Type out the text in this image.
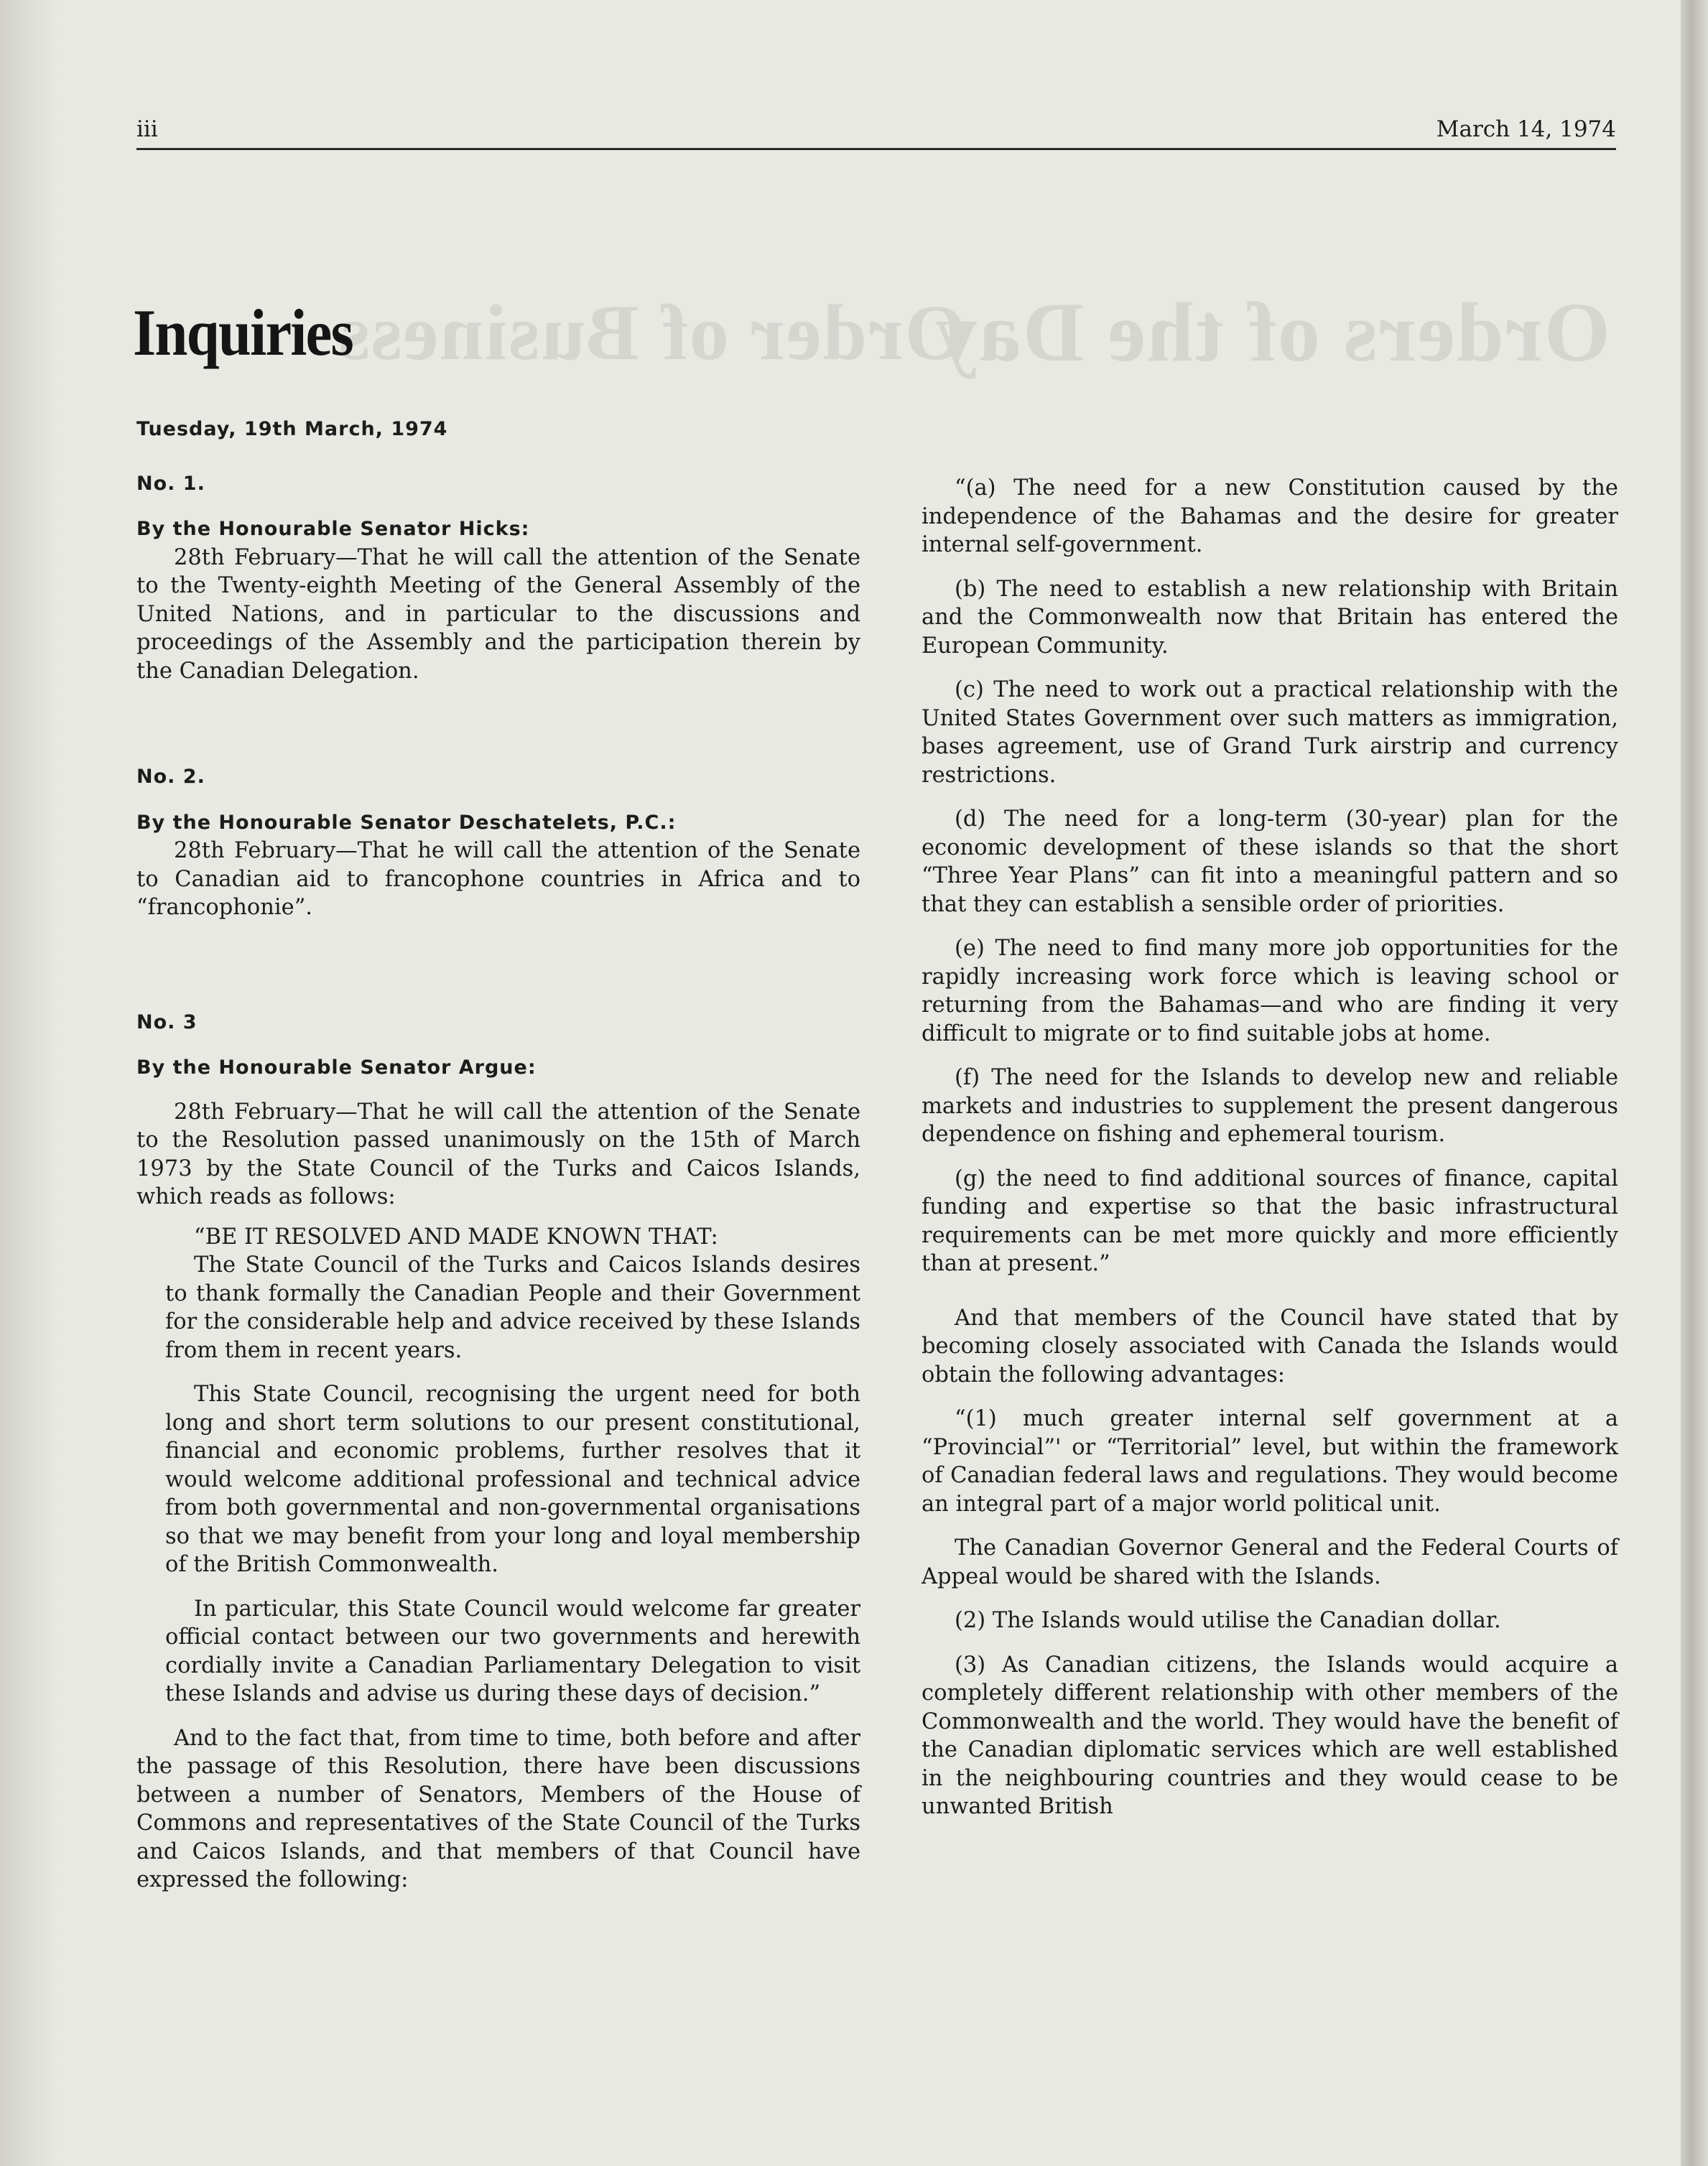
Order of Business
Orders of the Day
iii	March 14, 1974
Inquiries

Tuesday, 19th March, 1974

No. 1.

By the Honourable Senator Hicks:

28th February—That he will call the attention of the Senate to the Twenty-eighth Meeting of the General Assembly of the United Nations, and in particular to the discussions and proceedings of the Assembly and the participation therein by the Canadian Delegation.

No. 2.

By the Honourable Senator Deschatelets, P.C.:

28th February—That he will call the attention of the Senate to Canadian aid to francophone countries in Africa and to “francophonie”.

No. 3

By the Honourable Senator Argue:

28th February—That he will call the attention of the Senate to the Resolution passed unanimously on the 15th of March 1973 by the State Council of the Turks and Caicos Islands, which reads as follows:

“BE IT RESOLVED AND MADE KNOWN THAT:

The State Council of the Turks and Caicos Islands desires to thank formally the Canadian People and their Government for the considerable help and advice received by these Islands from them in recent years.

This State Council, recognising the urgent need for both long and short term solutions to our present constitutional, financial and economic problems, further resolves that it would welcome additional professional and technical advice from both governmental and non-governmental organisations so that we may benefit from your long and loyal membership of the British Commonwealth.

In particular, this State Council would welcome far greater official contact between our two governments and herewith cordially invite a Canadian Parliamentary Delegation to visit these Islands and advise us during these days of decision.”

And to the fact that, from time to time, both before and after the passage of this Resolution, there have been discussions between a number of Senators, Members of the House of Commons and representatives of the State Council of the Turks and Caicos Islands, and that members of that Council have expressed the following:

“(a) The need for a new Constitution caused by the independence of the Bahamas and the desire for greater internal self-government.

(b) The need to establish a new relationship with Britain and the Commonwealth now that Britain has entered the European Community.

(c) The need to work out a practical relationship with the United States Government over such matters as immigration, bases agreement, use of Grand Turk airstrip and currency restrictions.

(d) The need for a long-term (30-year) plan for the economic development of these islands so that the short “Three Year Plans” can fit into a meaningful pattern and so that they can establish a sensible order of priorities.

(e) The need to find many more job opportunities for the rapidly increasing work force which is leaving school or returning from the Bahamas—and who are finding it very difficult to migrate or to find suitable jobs at home.

(f) The need for the Islands to develop new and reliable markets and industries to supplement the present dangerous dependence on fishing and ephemeral tourism.

(g) the need to find additional sources of finance, capital funding and expertise so that the basic infrastructural requirements can be met more quickly and more efficiently than at present.”

And that members of the Council have stated that by becoming closely associated with Canada the Islands would obtain the following advantages:

“(1) much greater internal self government at a “Provincial”' or “Territorial” level, but within the framework of Canadian federal laws and regulations. They would become an integral part of a major world political unit.

The Canadian Governor General and the Federal Courts of Appeal would be shared with the Islands.

(2) The Islands would utilise the Canadian dollar.

(3) As Canadian citizens, the Islands would acquire a completely different relationship with other members of the Commonwealth and the world. They would have the benefit of the Canadian diplomatic services which are well established in the neighbouring countries and they would cease to be unwanted British
